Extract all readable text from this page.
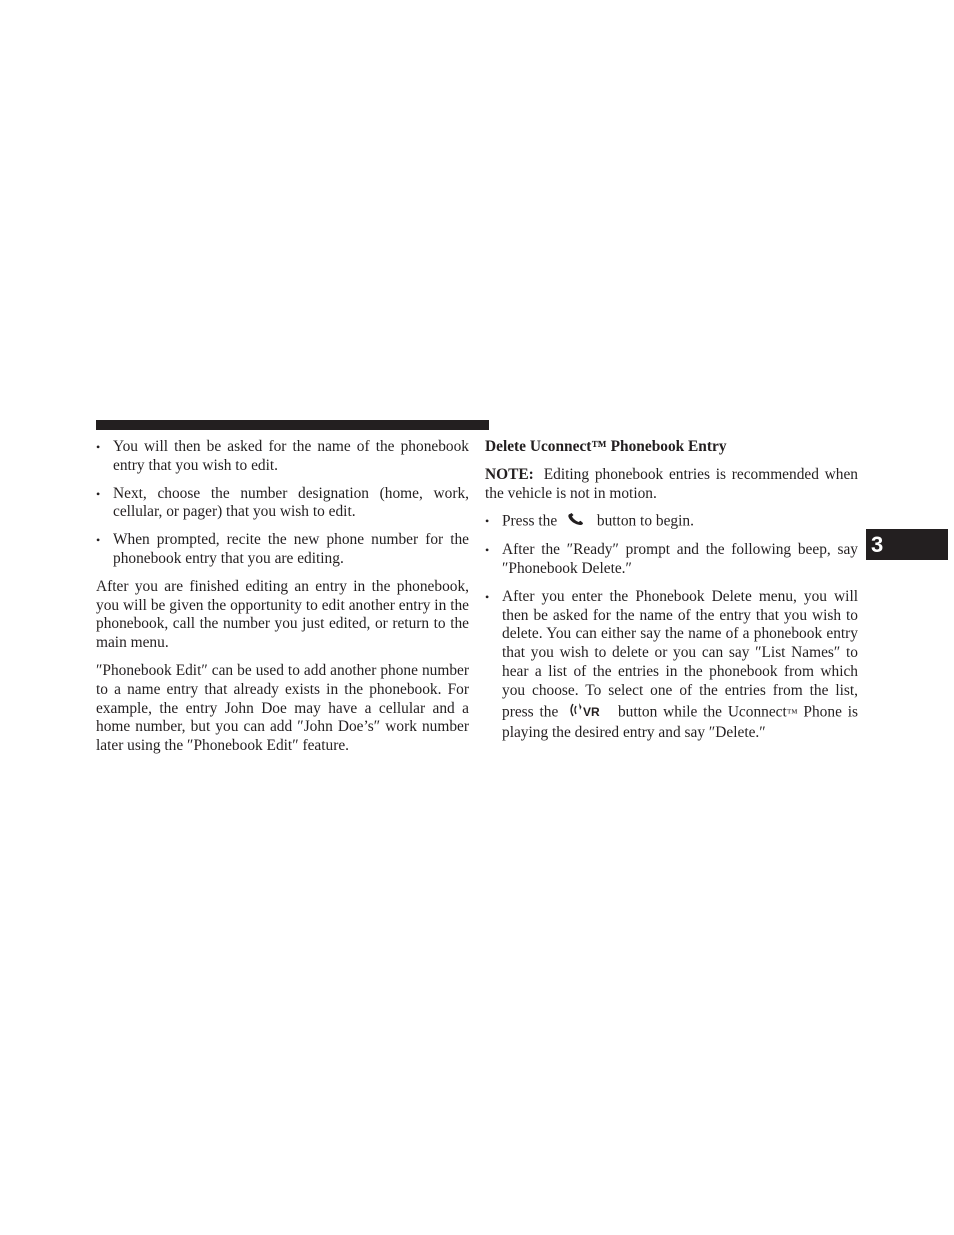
• You will then be asked for the name of the phonebook entry that you wish to edit.
• Next, choose the number designation (home, work, cellular, or pager) that you wish to edit.
• When prompted, recite the new phone number for the phonebook entry that you are editing.

After you are finished editing an entry in the phonebook, you will be given the opportunity to edit another entry in the phonebook, call the number you just edited, or return to the main menu.

″Phonebook Edit″ can be used to add another phone number to a name entry that already exists in the phonebook. For example, the entry John Doe may have a cellular and a home number, but you can add ″John Doe’s″ work number later using the ″Phonebook Edit″ feature.

Delete Uconnect™ Phonebook Entry

NOTE: Editing phonebook entries is recommended when the vehicle is not in motion.

• Press the	button to begin.
• After the ″Ready″ prompt and the following beep, say ″Phonebook Delete.″
• After you enter the Phonebook Delete menu, you will then be asked for the name of the entry that you wish to delete. You can either say the name of a phonebook entry that you wish to delete or you can say ″List Names″ to hear a list of the entries in the phonebook from which you choose. To select one of the entries from the list, press the VR button while the Uconnect™ Phone is playing the desired entry and say ″Delete.″
3
